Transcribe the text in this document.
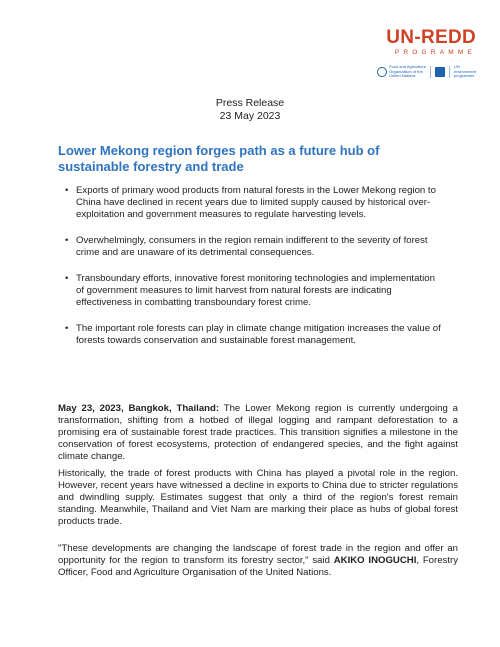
UN-REDD
PROGRAMME
Food and Agriculture
Organization of the
United Nations
UN
environment
programme
Press Release
23 May 2023
Lower Mekong region forges path as a future hub of sustainable forestry and trade
• Exports of primary wood products from natural forests in the Lower Mekong region to China have declined in recent years due to limited supply caused by historical over-exploitation and government measures to regulate harvesting levels.
• Overwhelmingly, consumers in the region remain indifferent to the severity of forest crime and are unaware of its detrimental consequences.
• Transboundary efforts, innovative forest monitoring technologies and implementation of government measures to limit harvest from natural forests are indicating effectiveness in combatting transboundary forest crime.
• The important role forests can play in climate change mitigation increases the value of forests towards conservation and sustainable forest management.

May 23, 2023, Bangkok, Thailand: The Lower Mekong region is currently undergoing a transformation, shifting from a hotbed of illegal logging and rampant deforestation to a promising era of sustainable forest trade practices. This transition signifies a milestone in the conservation of forest ecosystems, protection of endangered species, and the fight against climate change.

Historically, the trade of forest products with China has played a pivotal role in the region. However, recent years have witnessed a decline in exports to China due to stricter regulations and dwindling supply. Estimates suggest that only a third of the region's forest remain standing. Meanwhile, Thailand and Viet Nam are marking their place as hubs of global forest products trade.

"These developments are changing the landscape of forest trade in the region and offer an opportunity for the region to transform its forestry sector," said AKIKO INOGUCHI, Forestry Officer, Food and Agriculture Organisation of the United Nations.
